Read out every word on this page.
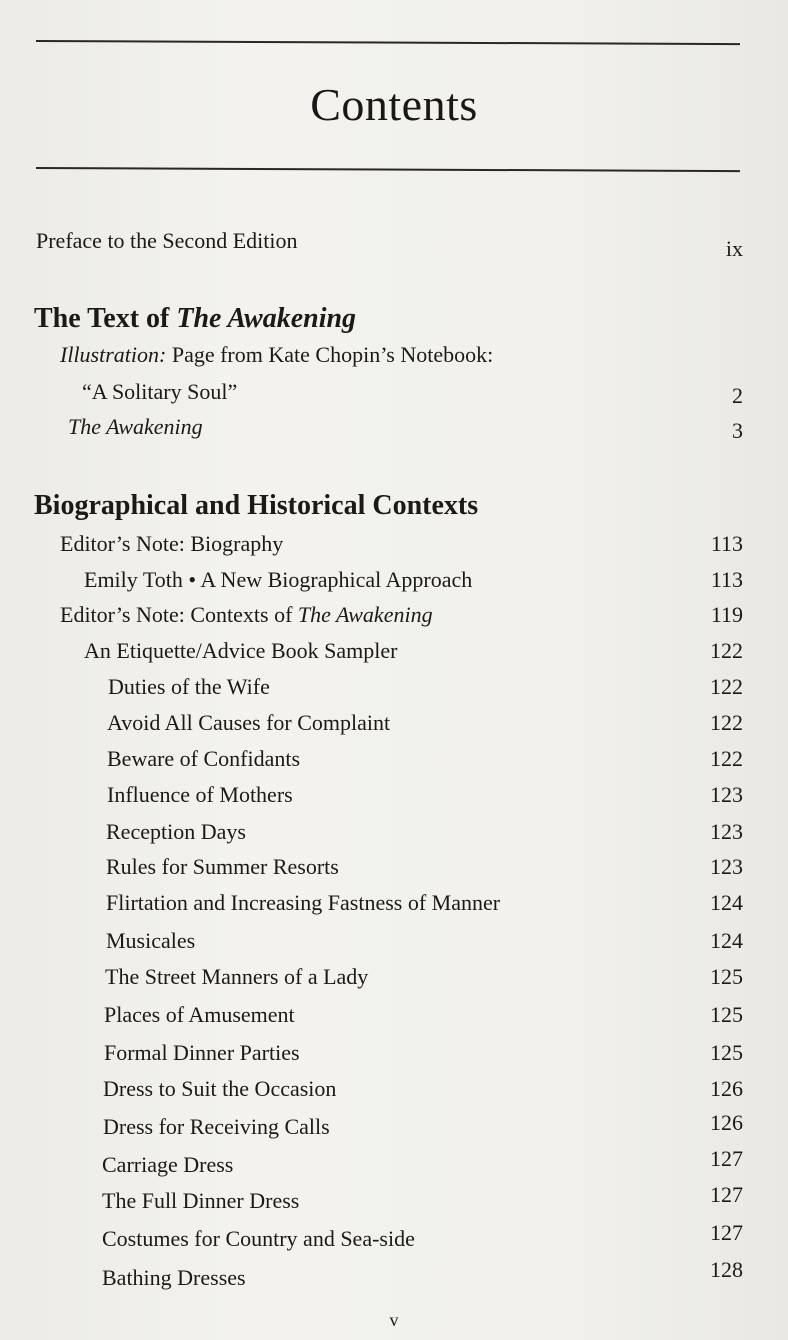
Contents
Preface to the Second Edition	ix
The Text of The Awakening
Illustration: Page from Kate Chopin’s Notebook:
“A Solitary Soul”	2
The Awakening	3
Biographical and Historical Contexts
Editor’s Note: Biography	113
Emily Toth • A New Biographical Approach	113
Editor’s Note: Contexts of The Awakening	119
An Etiquette/Advice Book Sampler	122
Duties of the Wife	122
Avoid All Causes for Complaint	122
Beware of Confidants	122
Influence of Mothers	123
Reception Days	123
Rules for Summer Resorts	123
Flirtation and Increasing Fastness of Manner	124
Musicales	124
The Street Manners of a Lady	125
Places of Amusement	125
Formal Dinner Parties	125
Dress to Suit the Occasion	126
Dress for Receiving Calls	126
Carriage Dress	127
The Full Dinner Dress	127
Costumes for Country and Sea-side	127
Bathing Dresses	128
v
